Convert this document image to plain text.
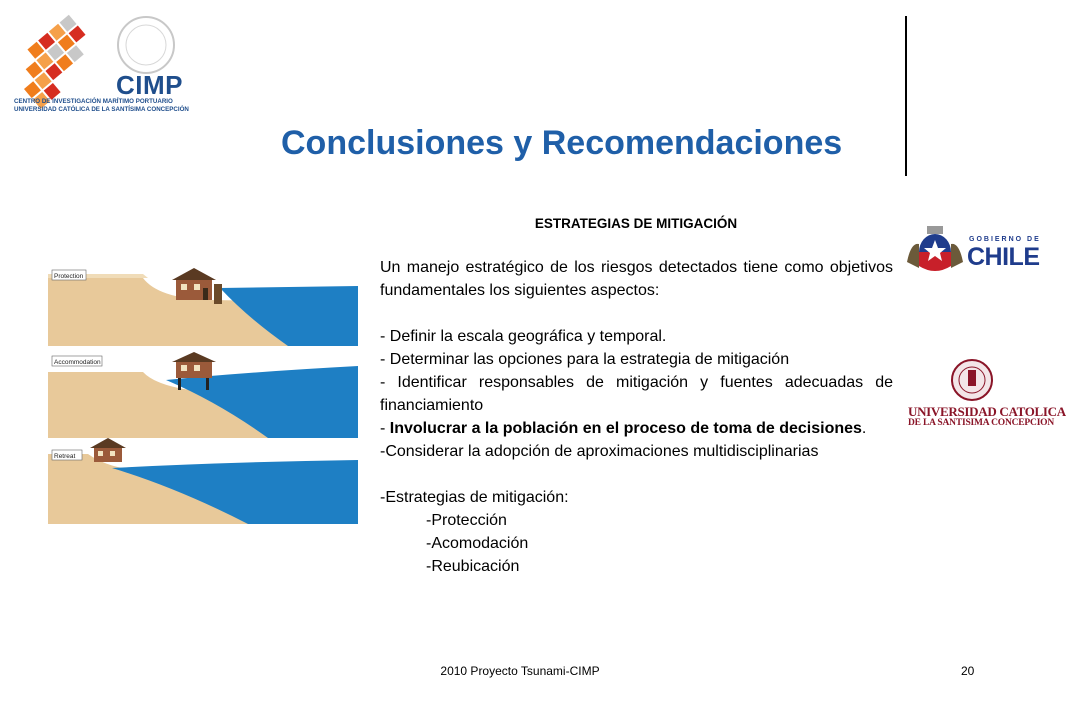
CIMP
CENTRO DE INVESTIGACIÓN MARÍTIMO PORTUARIO
UNIVERSIDAD CATÓLICA DE LA SANTÍSIMA CONCEPCIÓN
Conclusiones y Recomendaciones
ESTRATEGIAS DE MITIGACIÓN
Protection
Accommodation
Retreat

Un manejo estratégico de los riesgos detectados tiene como objetivos fundamentales los siguientes aspectos:

- Definir la escala geográfica y temporal.

- Determinar las opciones para la estrategia de mitigación

- Identificar responsables de mitigación y fuentes adecuadas de financiamiento

- Involucrar a la población en el proceso de toma de decisiones.

-Considerar la adopción de aproximaciones multidisciplinarias

-Estrategias de mitigación:

-Protección

-Acomodación

-Reubicación

GOBIERNO DE
CHILE
UNIVERSIDAD CATOLICA
DE LA SANTISIMA CONCEPCION
2010 Proyecto Tsunami-CIMP	20
